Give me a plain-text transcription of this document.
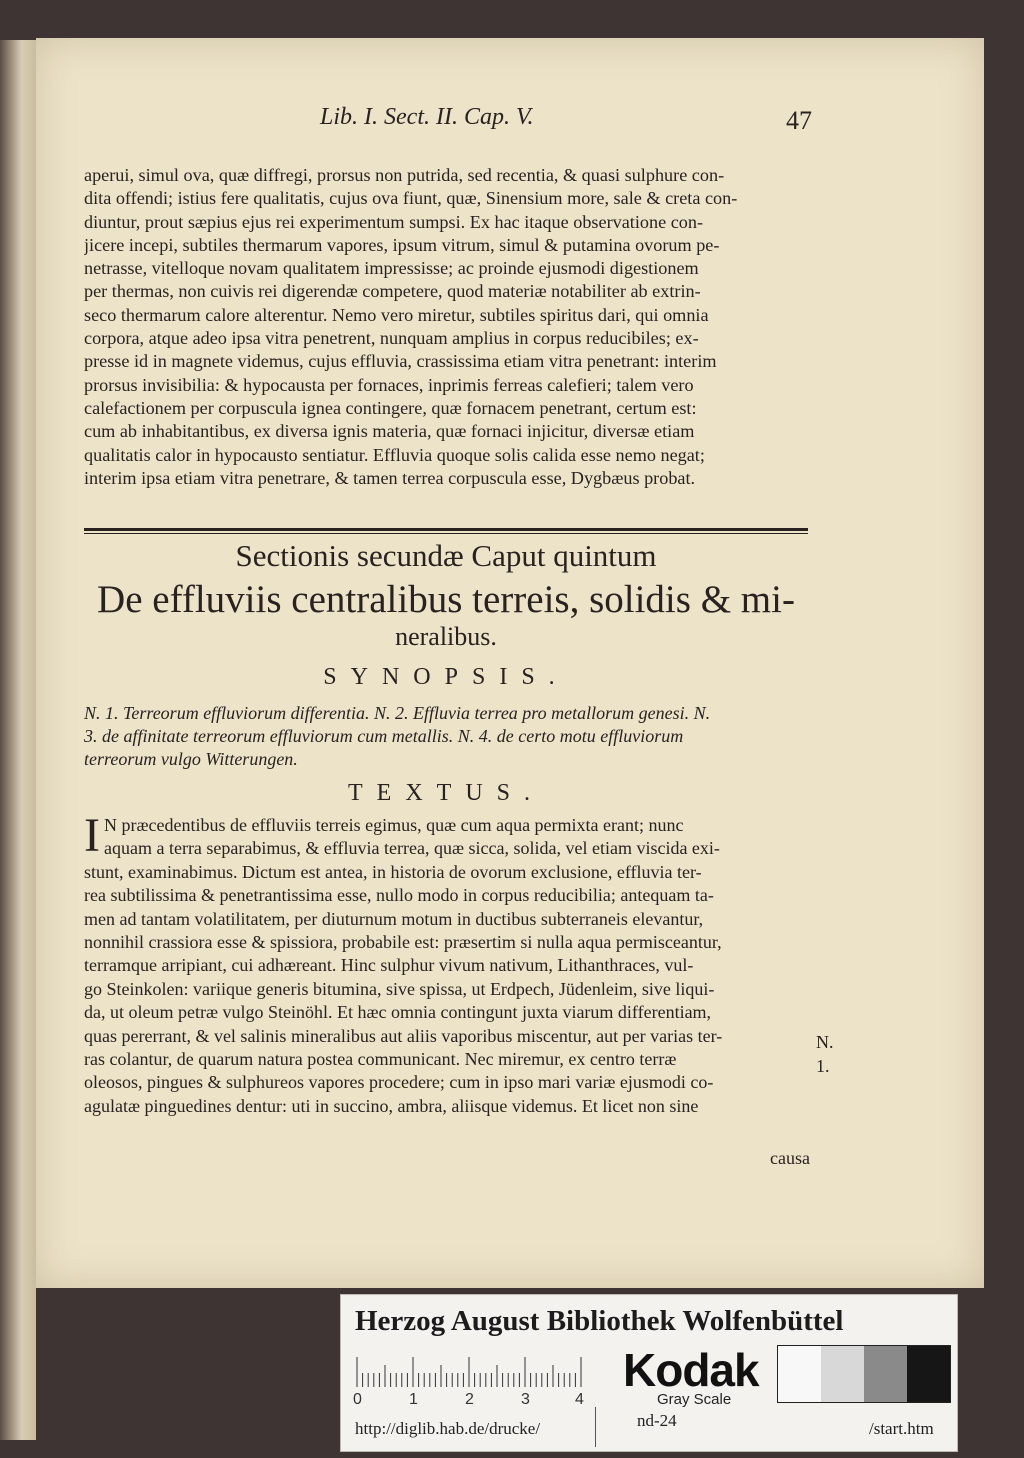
Lib. I. Sect. II. Cap. V.	47
aperui, simul ova, quæ diffregi, prorsus non putrida, sed recentia, & quasi sulphure con-
dita offendi; istius fere qualitatis, cujus ova fiunt, quæ, Sinensium more, sale & creta con-
diuntur, prout sæpius ejus rei experimentum sumpsi. Ex hac itaque observatione con-
jicere incepi, subtiles thermarum vapores, ipsum vitrum, simul & putamina ovorum pe-
netrasse, vitelloque novam qualitatem impressisse; ac proinde ejusmodi digestionem
per thermas, non cuivis rei digerendæ competere, quod materiæ notabiliter ab extrin-
seco thermarum calore alterentur. Nemo vero miretur, subtiles spiritus dari, qui omnia
corpora, atque adeo ipsa vitra penetrent, nunquam amplius in corpus reducibiles; ex-
presse id in magnete videmus, cujus effluvia, crassissima etiam vitra penetrant: interim
prorsus invisibilia: & hypocausta per fornaces, inprimis ferreas calefieri; talem vero
calefactionem per corpuscula ignea contingere, quæ fornacem penetrant, certum est:
cum ab inhabitantibus, ex diversa ignis materia, quæ fornaci injicitur, diversæ etiam
qualitatis calor in hypocausto sentiatur. Effluvia quoque solis calida esse nemo negat;
interim ipsa etiam vitra penetrare, & tamen terrea corpuscula esse, Dygbæus probat.
Sectionis secundæ Caput quintum
De effluviis centralibus terreis, solidis & mi-
neralibus.
SYNOPSIS.
N. 1. Terreorum effluviorum differentia. N. 2. Effluvia terrea pro metallorum genesi. N.
3. de affinitate terreorum effluviorum cum metallis. N. 4. de certo motu effluviorum
terreorum vulgo Witterungen.
TEXTUS.
I N præcedentibus de effluviis terreis egimus, quæ cum aqua permixta erant; nunc
aquam a terra separabimus, & effluvia terrea, quæ sicca, solida, vel etiam viscida exi-
stunt, examinabimus. Dictum est antea, in historia de ovorum exclusione, effluvia ter-
rea subtilissima & penetrantissima esse, nullo modo in corpus reducibilia; antequam ta-
men ad tantam volatilitatem, per diuturnum motum in ductibus subterraneis elevantur,
nonnihil crassiora esse & spissiora, probabile est: præsertim si nulla aqua permisceantur,
terramque arripiant, cui adhæreant. Hinc sulphur vivum nativum, Lithanthraces, vul-
go Steinkolen: variique generis bitumina, sive spissa, ut Erdpech, Jüdenleim, sive liqui-
da, ut oleum petræ vulgo Steinöhl. Et hæc omnia contingunt juxta viarum differentiam,
quas pererrant, & vel salinis mineralibus aut aliis vaporibus miscentur, aut per varias ter-
ras colantur, de quarum natura postea communicant. Nec miremur, ex centro terræ
oleosos, pingues & sulphureos vapores procedere; cum in ipso mari variæ ejusmodi co-
agulatæ pinguedines dentur: uti in succino, ambra, aliisque videmus. Et licet non sine
N.
1.
causa
Herzog August Bibliothek Wolfenbüttel
0	1	2	3	4
Kodak
Gray Scale
http://diglib.hab.de/drucke/	nd-24	/start.htm
